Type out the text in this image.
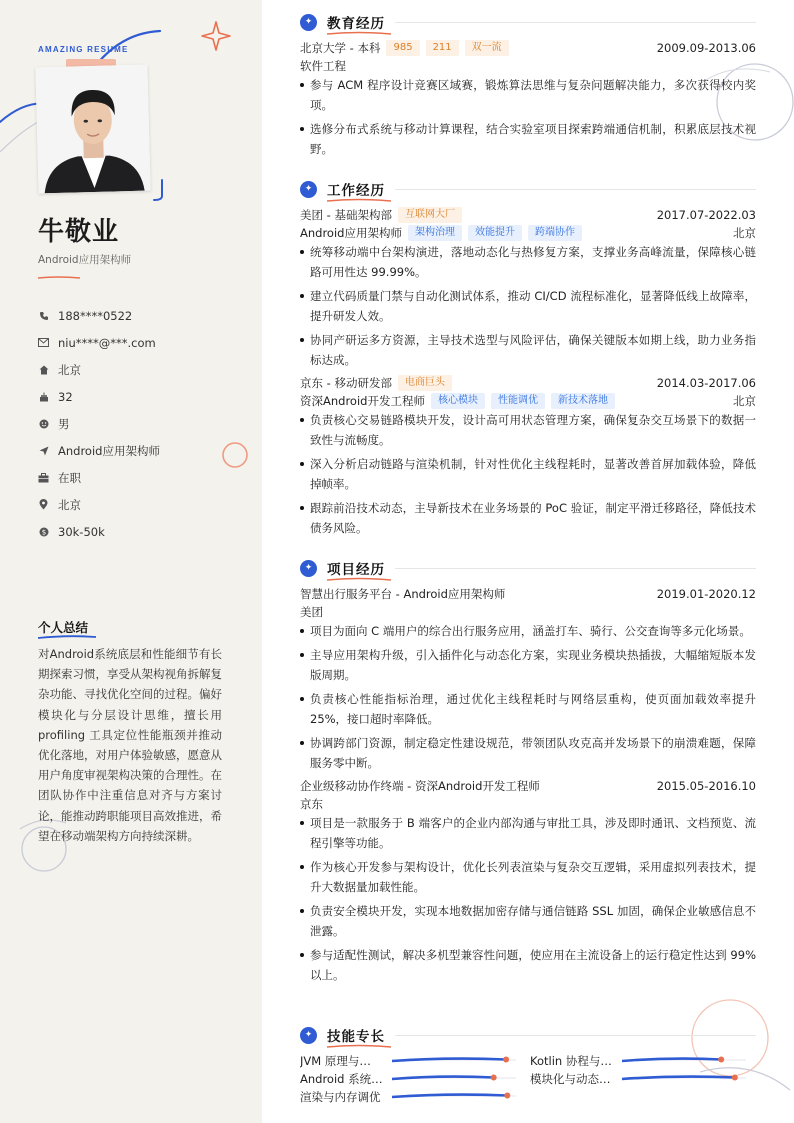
AMAZING RESUME
牛敬业
Android应用架构师
188****0522
niu****@***.com
北京
32
男
Android应用架构师
在职
北京
$ 30k-50k
个人总结
对Android系统底层和性能细节有长期探索习惯，享受从架构视角拆解复杂功能、寻找优化空间的过程。偏好模块化与分层设计思维，擅长用 profiling 工具定位性能瓶颈并推动优化落地，对用户体验敏感，愿意从用户角度审视架构决策的合理性。在团队协作中注重信息对齐与方案讨论，能推动跨职能项目高效推进，希望在移动端架构方向持续深耕。
✦	教育经历
北京大学 - 本科	985	211	双一流	2009.09-2013.06
软件工程
参与 ACM 程序设计竞赛区域赛，锻炼算法思维与复杂问题解决能力，多次获得校内奖项。
选修分布式系统与移动计算课程，结合实验室项目探索跨端通信机制，积累底层技术视野。
✦	工作经历
美团 - 基础架构部	互联网大厂	2017.07-2022.03
Android应用架构师	架构治理	效能提升	跨端协作	北京
统筹移动端中台架构演进，落地动态化与热修复方案，支撑业务高峰流量，保障核心链路可用性达 99.99%。
建立代码质量门禁与自动化测试体系，推动 CI/CD 流程标准化，显著降低线上故障率，提升研发人效。
协同产研运多方资源，主导技术选型与风险评估，确保关键版本如期上线，助力业务指标达成。
京东 - 移动研发部	电商巨头	2014.03-2017.06
资深Android开发工程师	核心模块	性能调优	新技术落地	北京
负责核心交易链路模块开发，设计高可用状态管理方案，确保复杂交互场景下的数据一致性与流畅度。
深入分析启动链路与渲染机制，针对性优化主线程耗时，显著改善首屏加载体验，降低掉帧率。
跟踪前沿技术动态，主导新技术在业务场景的 PoC 验证，制定平滑迁移路径，降低技术债务风险。
✦	项目经历
智慧出行服务平台 - Android应用架构师	2019.01-2020.12
美团
项目为面向 C 端用户的综合出行服务应用，涵盖打车、骑行、公交查询等多元化场景。
主导应用架构升级，引入插件化与动态化方案，实现业务模块热插拔，大幅缩短版本发版周期。
负责核心性能指标治理，通过优化主线程耗时与网络层重构，使页面加载效率提升 25%，接口超时率降低。
协调跨部门资源，制定稳定性建设规范，带领团队攻克高并发场景下的崩溃难题，保障服务零中断。
企业级移动协作终端 - 资深Android开发工程师	2015.05-2016.10
京东
项目是一款服务于 B 端客户的企业内部沟通与审批工具，涉及即时通讯、文档预览、流程引擎等功能。
作为核心开发参与架构设计，优化长列表渲染与复杂交互逻辑，采用虚拟列表技术，提升大数据量加载性能。
负责安全模块开发，实现本地数据加密存储与通信链路 SSL 加固，确保企业敏感信息不泄露。
参与适配性测试，解决多机型兼容性问题，使应用在主流设备上的运行稳定性达到 99% 以上。
✦	技能专长
JVM 原理与…	Kotlin 协程与…
Android 系统…	模块化与动态…
渲染与内存调优
